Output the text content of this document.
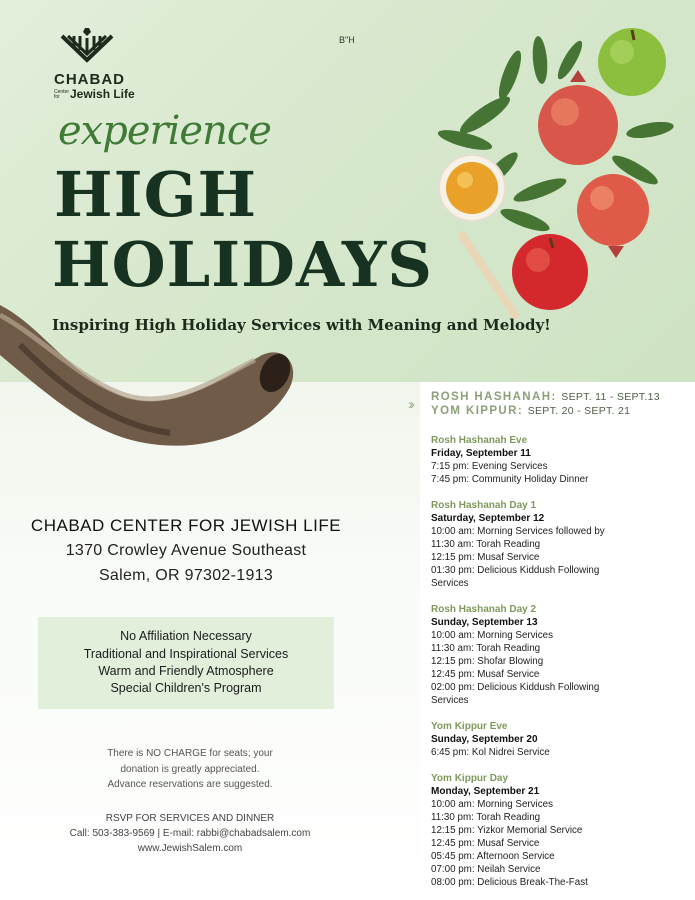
CHABAD
Center for Jewish Life
B"H
experience
HIGH
HOLIDAYS
Inspiring High Holiday Services with Meaning and Melody!
CHABAD CENTER FOR JEWISH LIFE
1370 Crowley Avenue Southeast
Salem, OR 97302-1913
No Affiliation Necessary
Traditional and Inspirational Services
Warm and Friendly Atmosphere
Special Children's Program
There is NO CHARGE for seats; your
donation is greatly appreciated.
Advance reservations are suggested.
RSVP FOR SERVICES AND DINNER
Call: 503-383-9569 | E-mail: rabbi@chabadsalem.com
www.JewishSalem.com
›› ROSH HASHANAH: SEPT. 11 - SEPT.13
YOM KIPPUR: SEPT. 20 - SEPT. 21
Rosh Hashanah Eve
Friday, September 11
7:15 pm: Evening Services
7:45 pm: Community Holiday Dinner
Rosh Hashanah Day 1
Saturday, September 12
10:00 am: Morning Services followed by
11:30 am: Torah Reading
12:15 pm: Musaf Service
01:30 pm: Delicious Kiddush Following
Services
Rosh Hashanah Day 2
Sunday, September 13
10:00 am: Morning Services
11:30 am: Torah Reading
12:15 pm: Shofar Blowing
12:45 pm: Musaf Service
02:00 pm: Delicious Kiddush Following
Services
Yom Kippur Eve
Sunday, September 20
6:45 pm: Kol Nidrei Service
Yom Kippur Day
Monday, September 21
10:00 am: Morning Services
11:30 pm: Torah Reading
12:15 pm: Yizkor Memorial Service
12:45 pm: Musaf Service
05:45 pm: Afternoon Service
07:00 pm: Neilah Service
08:00 pm: Delicious Break-The-Fast
